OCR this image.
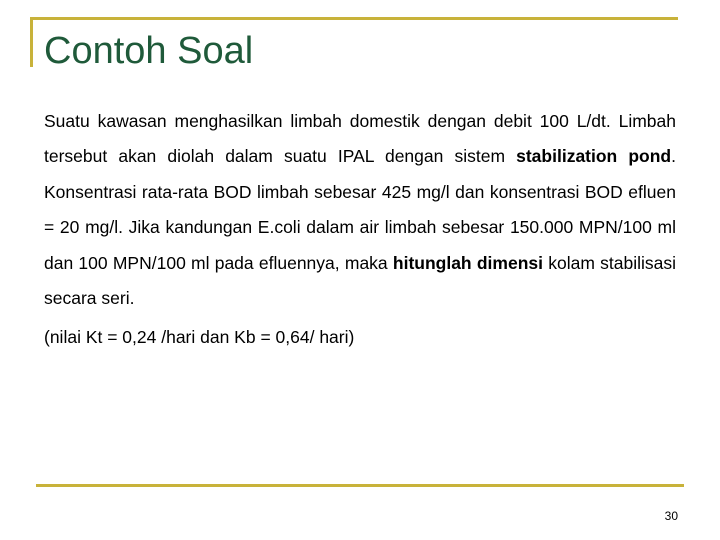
Contoh Soal

Suatu kawasan menghasilkan limbah domestik dengan debit 100 L/dt. Limbah tersebut akan diolah dalam suatu IPAL dengan sistem stabilization pond. Konsentrasi rata-rata BOD limbah sebesar 425 mg/l dan konsentrasi BOD efluen = 20 mg/l. Jika kandungan E.coli dalam air limbah sebesar 150.000 MPN/100 ml dan 100 MPN/100 ml pada efluennya, maka hitunglah dimensi kolam stabilisasi secara seri.

(nilai Kt = 0,24 /hari dan Kb = 0,64/ hari)

30
